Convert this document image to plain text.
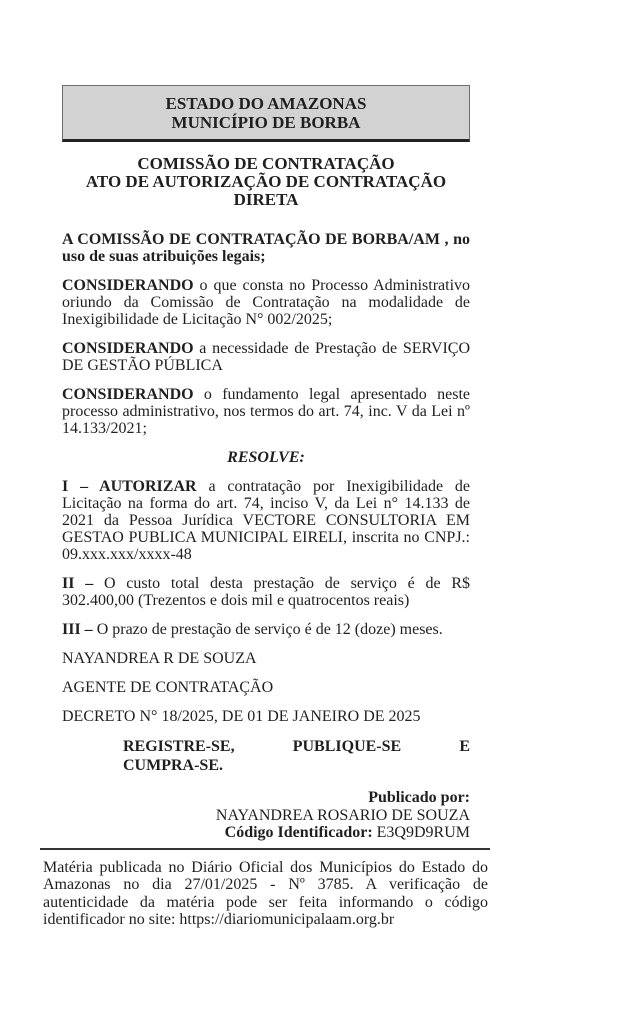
ESTADO DO AMAZONAS
MUNICÍPIO DE BORBA
COMISSÃO DE CONTRATAÇÃO
ATO DE AUTORIZAÇÃO DE CONTRATAÇÃO DIRETA

A COMISSÃO DE CONTRATAÇÃO DE BORBA/AM , no uso de suas atribuições legais;

CONSIDERANDO o que consta no Processo Administrativo oriundo da Comissão de Contratação na modalidade de Inexigibilidade de Licitação N° 002/2025;

CONSIDERANDO a necessidade de Prestação de SERVIÇO DE GESTÃO PÚBLICA

CONSIDERANDO o fundamento legal apresentado neste processo administrativo, nos termos do art. 74, inc. V da Lei nº 14.133/2021;

RESOLVE:

I – AUTORIZAR a contratação por Inexigibilidade de Licitação na forma do art. 74, inciso V, da Lei n° 14.133 de 2021 da Pessoa Jurídica VECTORE CONSULTORIA EM GESTAO PUBLICA MUNICIPAL EIRELI, inscrita no CNPJ.: 09.xxx.xxx/xxxx-48

II – O custo total desta prestação de serviço é de R$ 302.400,00 (Trezentos e dois mil e quatrocentos reais)

III – O prazo de prestação de serviço é de 12 (doze) meses.

NAYANDREA R DE SOUZA

AGENTE DE CONTRATAÇÃO

DECRETO N° 18/2025, DE 01 DE JANEIRO DE 2025

REGISTRE-SE,	PUBLIQUE-SE	E
CUMPRA-SE.
Publicado por:
NAYANDREA ROSARIO DE SOUZA
Código Identificador: E3Q9D9RUM

Matéria publicada no Diário Oficial dos Municípios do Estado do Amazonas no dia 27/01/2025 - Nº 3785. A verificação de autenticidade da matéria pode ser feita informando o código identificador no site: https://diariomunicipalaam.org.br
